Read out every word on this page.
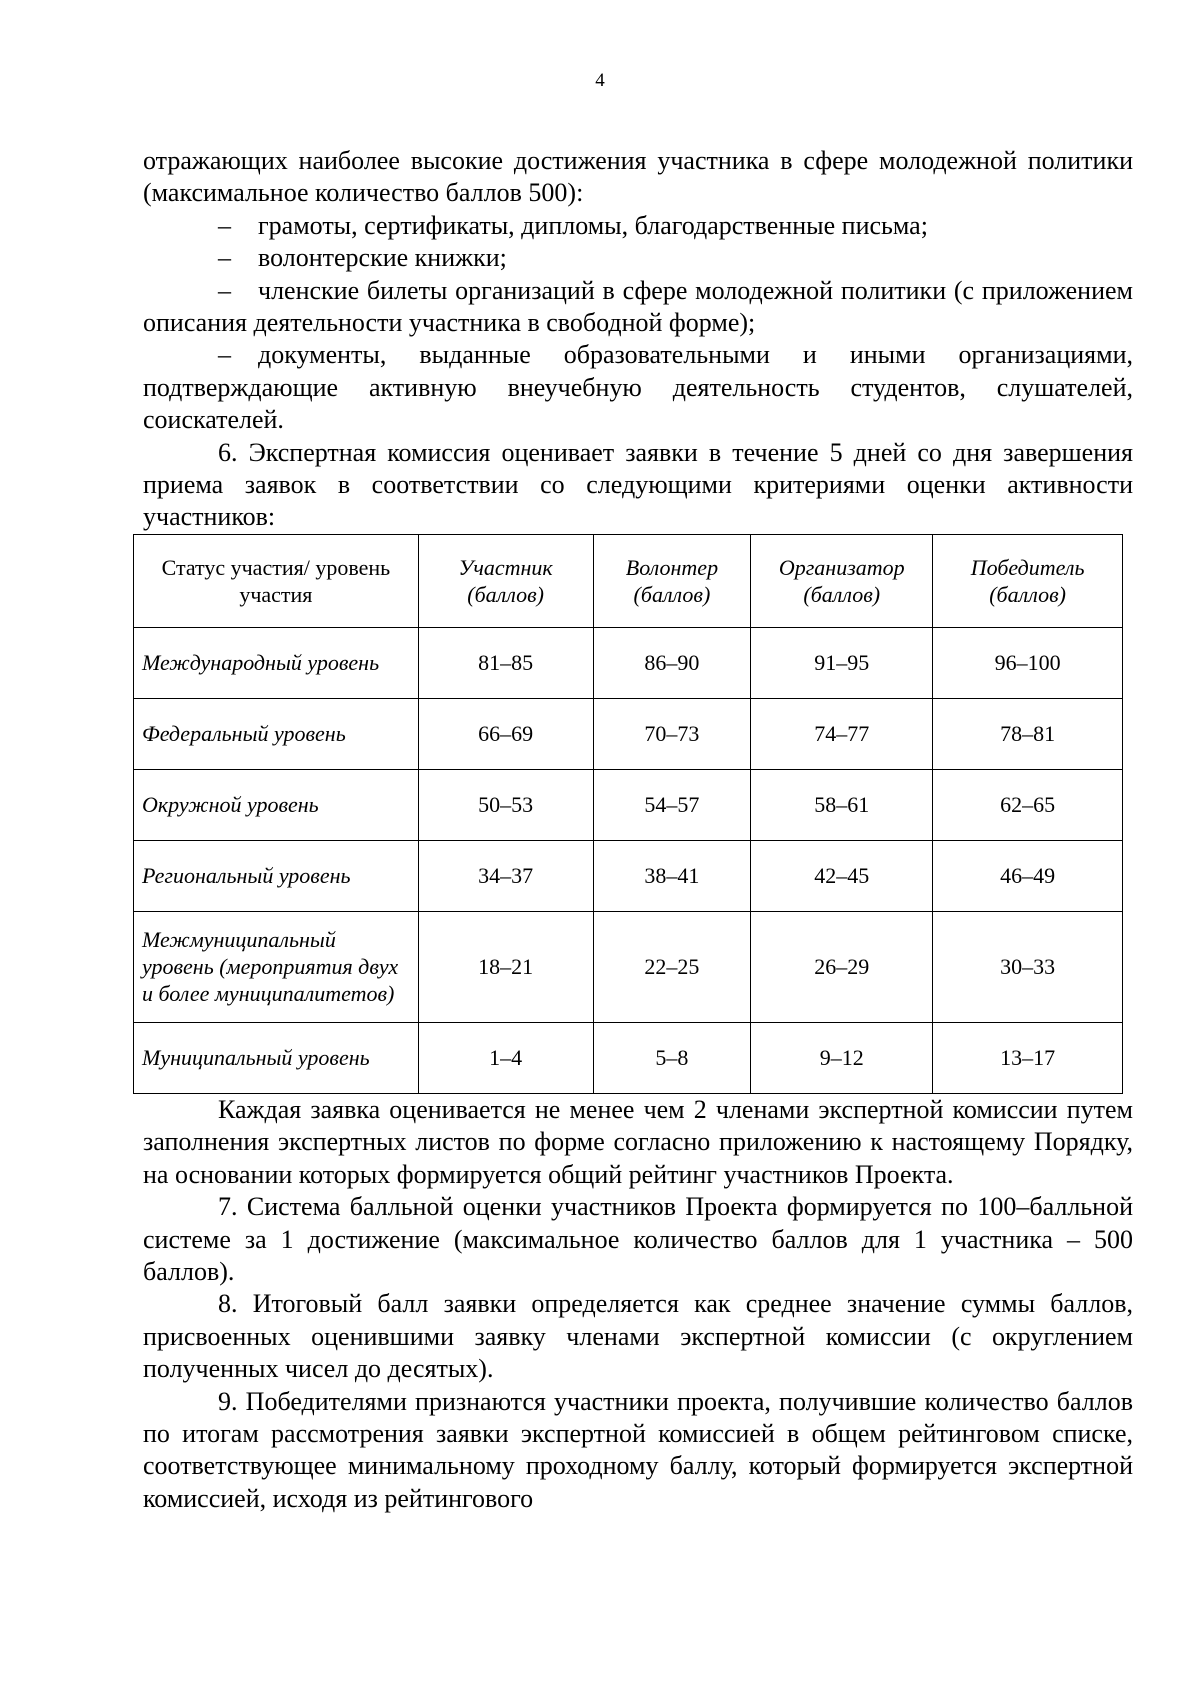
4

отражающих наиболее высокие достижения участника в сфере молодежной политики (максимальное количество баллов 500):

– грамоты, сертификаты, дипломы, благодарственные письма;

– волонтерские книжки;

– членские билеты организаций в сфере молодежной политики (с приложением описания деятельности участника в свободной форме);

– документы, выданные образовательными и иными организациями, подтверждающие активную внеучебную деятельность студентов, слушателей, соискателей.

6. Экспертная комиссия оценивает заявки в течение 5 дней со дня завершения приема заявок в соответствии со следующими критериями оценки активности участников:

Статус участия/ уровень участия	Участник (баллов)	Волонтер (баллов)	Организатор (баллов)	Победитель (баллов)
Международный уровень	81–85	86–90	91–95	96–100
Федеральный уровень	66–69	70–73	74–77	78–81
Окружной уровень	50–53	54–57	58–61	62–65
Региональный уровень	34–37	38–41	42–45	46–49
Межмуниципальный уровень (мероприятия двух и более муниципалитетов)	18–21	22–25	26–29	30–33
Муниципальный уровень	1–4	5–8	9–12	13–17

Каждая заявка оценивается не менее чем 2 членами экспертной комиссии путем заполнения экспертных листов по форме согласно приложению к настоящему Порядку, на основании которых формируется общий рейтинг участников Проекта.

7. Система балльной оценки участников Проекта формируется по 100–балльной системе за 1 достижение (максимальное количество баллов для 1 участника – 500 баллов).

8. Итоговый балл заявки определяется как среднее значение суммы баллов, присвоенных оценившими заявку членами экспертной комиссии (с округлением полученных чисел до десятых).

9. Победителями признаются участники проекта, получившие количество баллов по итогам рассмотрения заявки экспертной комиссией в общем рейтинговом списке, соответствующее минимальному проходному баллу, который формируется экспертной комиссией, исходя из рейтингового
